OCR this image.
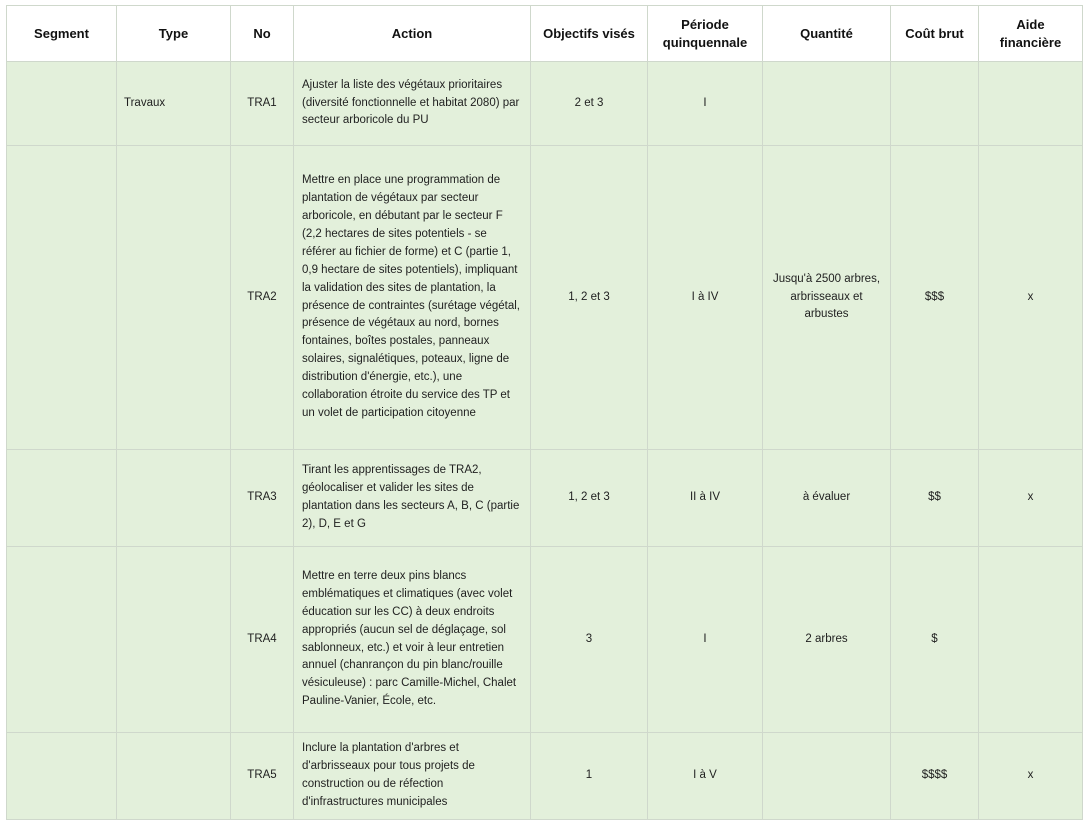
Segment	Type	No	Action	Objectifs visés	Période quinquennale	Quantité	Coût brut	Aide financière
	Travaux	TRA1	Ajuster la liste des végétaux prioritaires (diversité fonctionnelle et habitat 2080) par secteur arboricole du PU	2 et 3	I			
		TRA2	Mettre en place une programmation de plantation de végétaux par secteur arboricole, en débutant par le secteur F (2,2 hectares de sites potentiels - se référer au fichier de forme) et C (partie 1, 0,9 hectare de sites potentiels), impliquant la validation des sites de plantation, la présence de contraintes (surétage végétal, présence de végétaux au nord, bornes fontaines, boîtes postales, panneaux solaires, signalétiques, poteaux, ligne de distribution d'énergie, etc.), une collaboration étroite du service des TP et un volet de participation citoyenne	1, 2 et 3	I à IV	Jusqu'à 2500 arbres, arbrisseaux et arbustes	$$$	x
		TRA3	Tirant les apprentissages de TRA2, géolocaliser et valider les sites de plantation dans les secteurs A, B, C (partie 2), D, E et G	1, 2 et 3	II à IV	à évaluer	$$	x
		TRA4	Mettre en terre deux pins blancs emblématiques et climatiques (avec volet éducation sur les CC) à deux endroits appropriés (aucun sel de déglaçage, sol sablonneux, etc.) et voir à leur entretien annuel (chanrançon du pin blanc/rouille vésiculeuse) : parc Camille-Michel, Chalet Pauline-Vanier, École, etc.	3	I	2 arbres	$	
		TRA5	Inclure la plantation d'arbres et d'arbrisseaux pour tous projets de construction ou de réfection d'infrastructures municipales	1	I à V		$$$$	x
